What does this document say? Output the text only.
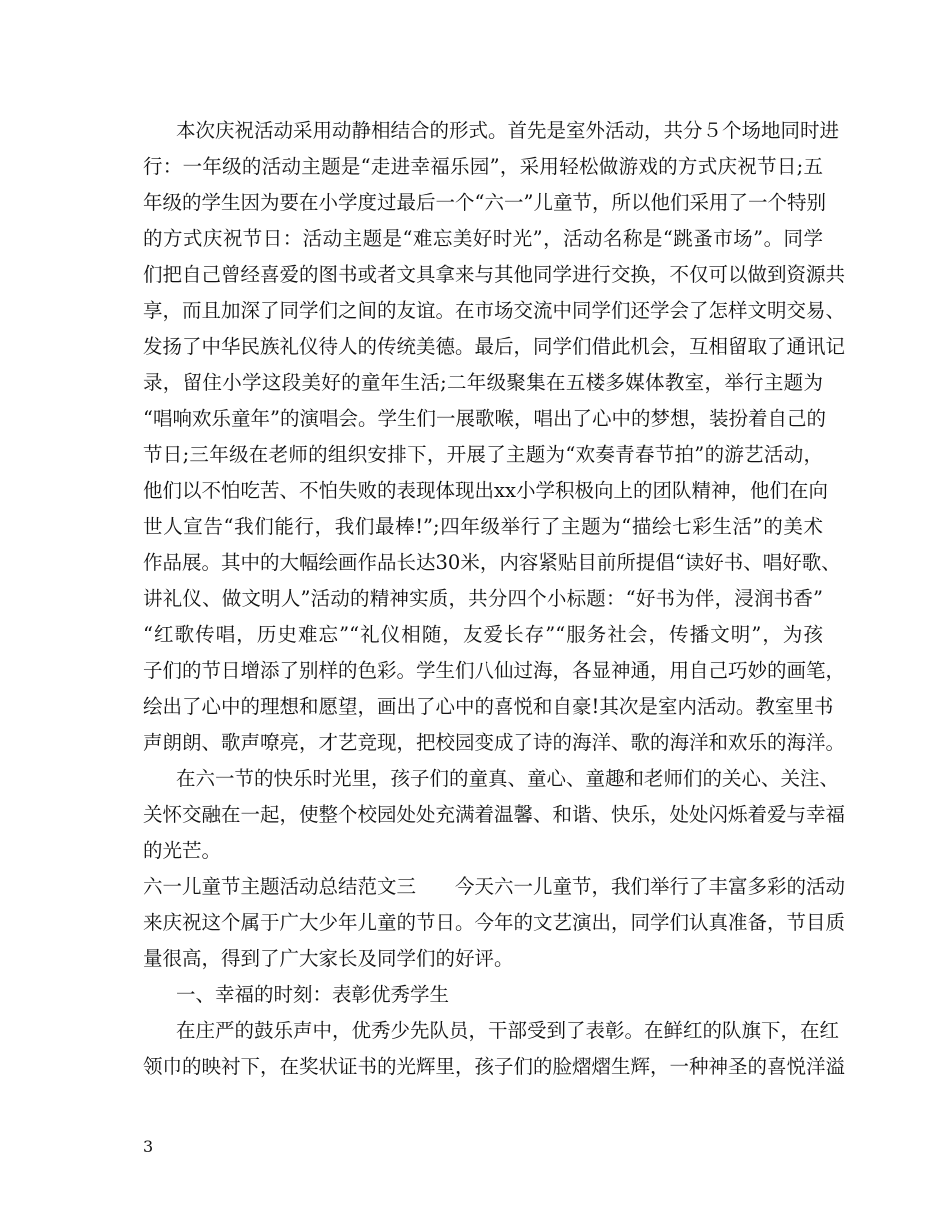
本次庆祝活动采用动静相结合的形式。首先是室外活动，共分５个场地同时进
行：一年级的活动主题是“走进幸福乐园”，采用轻松做游戏的方式庆祝节日;五
年级的学生因为要在小学度过最后一个“六一”儿童节，所以他们采用了一个特别
的方式庆祝节日：活动主题是“难忘美好时光”，活动名称是“跳蚤市场”。同学
们把自己曾经喜爱的图书或者文具拿来与其他同学进行交换，不仅可以做到资源共
享，而且加深了同学们之间的友谊。在市场交流中同学们还学会了怎样文明交易、
发扬了中华民族礼仪待人的传统美德。最后，同学们借此机会，互相留取了通讯记
录，留住小学这段美好的童年生活;二年级聚集在五楼多媒体教室，举行主题为
“唱响欢乐童年”的演唱会。学生们一展歌喉，唱出了心中的梦想，装扮着自己的
节日;三年级在老师的组织安排下，开展了主题为“欢奏青春节拍”的游艺活动，
他们以不怕吃苦、不怕失败的表现体现出xx小学积极向上的团队精神，他们在向
世人宣告“我们能行，我们最棒!”;四年级举行了主题为“描绘七彩生活”的美术
作品展。其中的大幅绘画作品长达30米，内容紧贴目前所提倡“读好书、唱好歌、
讲礼仪、做文明人”活动的精神实质，共分四个小标题：“好书为伴，浸润书香”
“红歌传唱，历史难忘”“礼仪相随，友爱长存”“服务社会，传播文明”，为孩
子们的节日增添了别样的色彩。学生们八仙过海，各显神通，用自己巧妙的画笔，
绘出了心中的理想和愿望，画出了心中的喜悦和自豪!其次是室内活动。教室里书
声朗朗、歌声嘹亮，才艺竞现，把校园变成了诗的海洋、歌的海洋和欢乐的海洋。
在六一节的快乐时光里，孩子们的童真、童心、童趣和老师们的关心、关注、
关怀交融在一起，使整个校园处处充满着温馨、和谐、快乐，处处闪烁着爱与幸福
的光芒。
六一儿童节主题活动总结范文三　　今天六一儿童节，我们举行了丰富多彩的活动
来庆祝这个属于广大少年儿童的节日。今年的文艺演出，同学们认真准备，节目质
量很高，得到了广大家长及同学们的好评。
一、幸福的时刻：表彰优秀学生
在庄严的鼓乐声中，优秀少先队员，干部受到了表彰。在鲜红的队旗下，在红
领巾的映衬下，在奖状证书的光辉里，孩子们的脸熠熠生辉，一种神圣的喜悦洋溢
3
